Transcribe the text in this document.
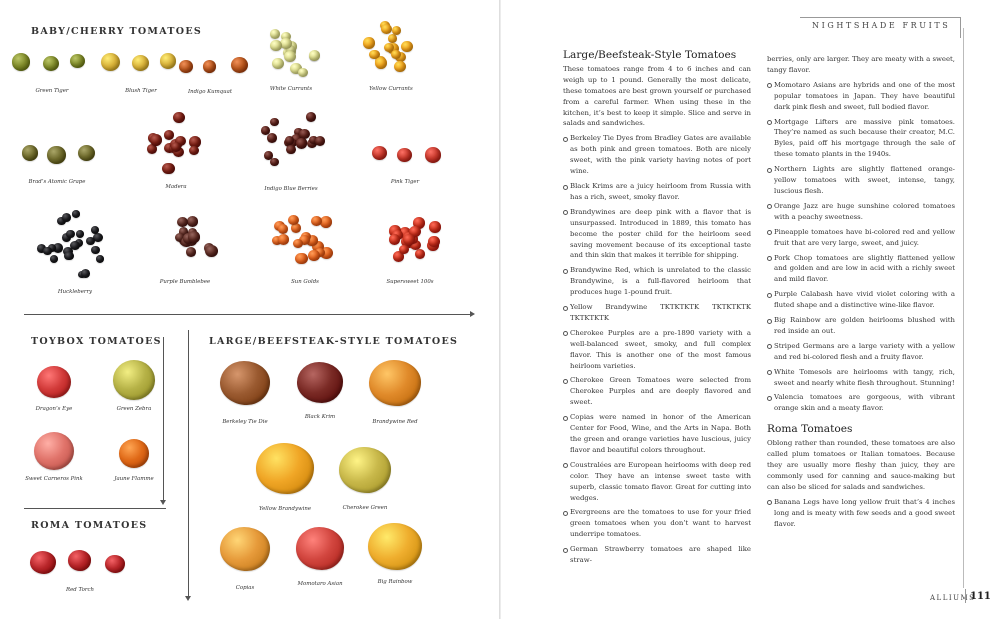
BABY/CHERRY TOMATOES
Green Tiger	Blush Tiger	Indigo Kumquat	White Currants	Yellow Currants
Brad’s Atomic Grape
Madera	Indigo Blue Berries
Pink Tiger
Huckleberry
Purple Bumblebee	Sun Golds	Supersweet 100s
TOYBOX TOMATOES
Dragon’s Eye	Green Zebra
Sweet Carneros Pink	Jaune Flamme
ROMA TOMATOES
Red Torch
LARGE/BEEFSTEAK-STYLE TOMATOES
Berkeley Tie Die
Black Krim
Brandywine Red
Yellow Brandywine	Cherokee Green
Copias
Momotaro Asian	Big Rainbow
NIGHTSHADE FRUITS
Large/Beefsteak-Style Tomatoes

These tomatoes range from 4 to 6 inches and can weigh up to 1 pound. Generally the most delicate, these tomatoes are best grown yourself or purchased from a careful farmer. When using these in the kitchen, it’s best to keep it simple. Slice and serve in salads and sandwiches.

Berkeley Tie Dyes from Bradley Gates are available as both pink and green tomatoes. Both are nicely sweet, with the pink variety having notes of port wine.
Black Krims are a juicy heirloom from Russia with has a rich, sweet, smoky flavor.
Brandywines are deep pink with a flavor that is unsurpassed. Introduced in 1889, this tomato has become the poster child for the heirloom seed saving movement because of its exceptional taste and thin skin that makes it terrible for shipping.
Brandywine Red, which is unrelated to the classic Brandywine, is a full-flavored heirloom that produces huge 1-pound fruit.
Yellow Brandywine TKTKTKTK TKTKTKTK TKTKTKTK
Cherokee Purples are a pre-1890 variety with a well-balanced sweet, smoky, and full complex flavor. This is another one of the most famous heirloom varieties.
Cherokee Green Tomatoes were selected from Cherokee Purples and are deeply flavored and sweet.
Copias were named in honor of the American Center for Food, Wine, and the Arts in Napa. Both the green and orange varieties have luscious, juicy flavor and beautiful colors throughout.
Coustralées are European heirlooms with deep red color. They have an intense sweet taste with superb, classic tomato flavor. Great for cutting into wedges.
Evergreens are the tomatoes to use for your fried green tomatoes when you don’t want to harvest underripe tomatoes.
German Strawberry tomatoes are shaped like straw-

berries, only are larger. They are meaty with a sweet, tangy flavor.

Momotaro Asians are hybrids and one of the most popular tomatoes in Japan. They have beautiful dark pink flesh and sweet, full bodied flavor.
Mortgage Lifters are massive pink tomatoes. They’re named as such because their creator, M.C. Byles, paid off his mortgage through the sale of these tomato plants in the 1940s.
Northern Lights are slightly flattened orange-yellow tomatoes with sweet, intense, tangy, luscious flesh.
Orange Jazz are huge sunshine colored tomatoes with a peachy sweetness.
Pineapple tomatoes have bi-colored red and yellow fruit that are very large, sweet, and juicy.
Pork Chop tomatoes are slightly flattened yellow and golden and are low in acid with a richly sweet and mild flavor.
Purple Calabash have vivid violet coloring with a fluted shape and a distinctive wine-like flavor.
Big Rainbow are golden heirlooms blushed with red inside an out.
Striped Germans are a large variety with a yellow and red bi-colored flesh and a fruity flavor.
White Tomesols are heirlooms with tangy, rich, sweet and nearly white flesh throughout. Stunning!
Valencia tomatoes are gorgeous, with vibrant orange skin and a meaty flavor.
Roma Tomatoes

Oblong rather than rounded, these tomatoes are also called plum tomatoes or Italian tomatoes. Because they are usually more fleshy than juicy, they are commonly used for canning and sauce-making but can also be sliced for salads and sandwiches.

Banana Legs have long yellow fruit that’s 4 inches long and is meaty with few seeds and a good sweet flavor.
ALLIUMS
111
